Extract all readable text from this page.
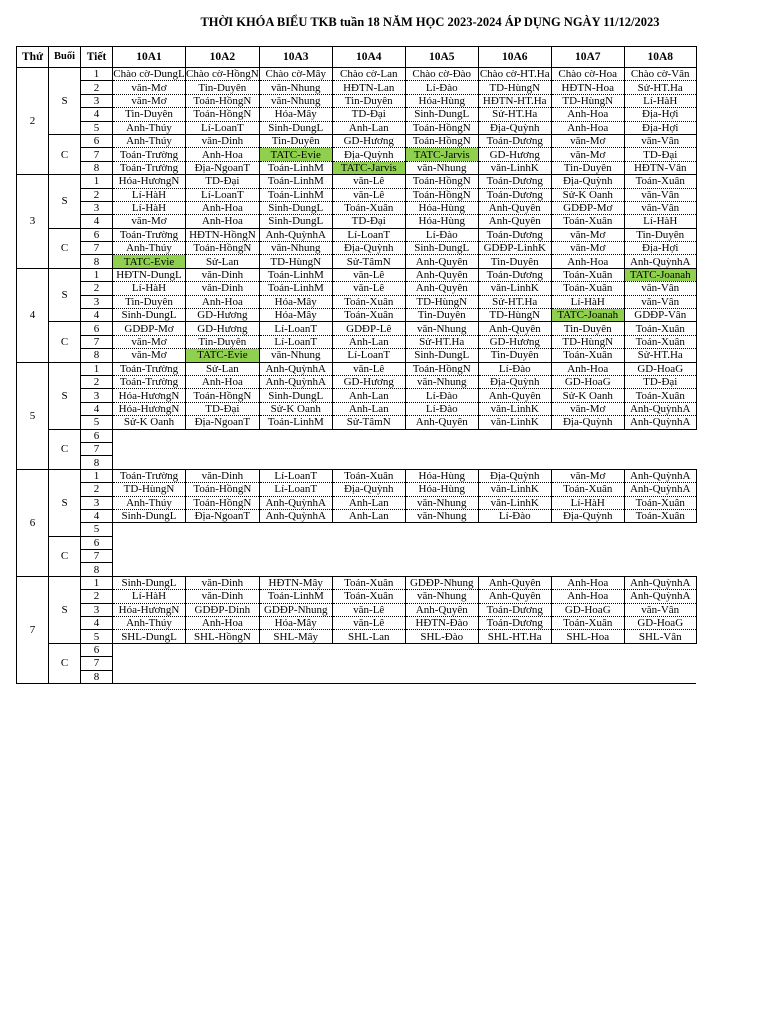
THỜI KHÓA BIỂU TKB tuần 18 NĂM HỌC 2023-2024 ÁP DỤNG NGÀY 11/12/2023
Thứ	Buổi	Tiết	10A1	10A2	10A3	10A4	10A5	10A6	10A7	10A8
2	S	1	Chào cờ-DungL	Chào cờ-HồngN	Chào cờ-Mây	Chào cờ-Lan	Chào cờ-Đào	Chào cờ-HT.Ha	Chào cờ-Hoa	Chào cờ-Vân
		2	văn-Mơ	Tin-Duyên	văn-Nhung	HĐTN-Lan	Lí-Đào	TD-HùngN	HĐTN-Hoa	Sử-HT.Ha
		3	văn-Mơ	Toán-HồngN	văn-Nhung	Tin-Duyên	Hóa-Hùng	HĐTN-HT.Ha	TD-HùngN	Lí-HàH
		4	Tin-Duyên	Toán-HồngN	Hóa-Mây	TD-Đại	Sinh-DungL	Sử-HT.Ha	Anh-Hoa	Địa-Hợi
		5	Anh-Thúy	Lí-LoanT	Sinh-DungL	Anh-Lan	Toán-HồngN	Địa-Quỳnh	Anh-Hoa	Địa-Hợi
	C	6	Anh-Thúy	văn-Dinh	Tin-Duyên	GD-Hương	Toán-HồngN	Toán-Dương	văn-Mơ	văn-Vân
		7	Toán-Trường	Anh-Hoa	TATC-Evie	Địa-Quỳnh	TATC-Jarvis	GD-Hương	văn-Mơ	TD-Đại
		8	Toán-Trường	Địa-NgoanT	Toán-LinhM	TATC-Jarvis	văn-Nhung	văn-LinhK	Tin-Duyên	HĐTN-Vân
3	S	1	Hóa-HươngN	TD-Đại	Toán-LinhM	văn-Lê	Toán-HồngN	Toán-Dương	Địa-Quỳnh	Toán-Xuân
		2	Lí-HàH	Lí-LoanT	Toán-LinhM	văn-Lê	Toán-HồngN	Toán-Dương	Sử-K Oanh	văn-Vân
		3	Lí-HàH	Anh-Hoa	Sinh-DungL	Toán-Xuân	Hóa-Hùng	Anh-Quyên	GDĐP-Mơ	văn-Vân
		4	văn-Mơ	Anh-Hoa	Sinh-DungL	TD-Đại	Hóa-Hùng	Anh-Quyên	Toán-Xuân	Lí-HàH
	C	6	Toán-Trường	HĐTN-HồngN	Anh-QuỳnhA	Lí-LoanT	Lí-Đào	Toán-Dương	văn-Mơ	Tin-Duyên
		7	Anh-Thúy	Toán-HồngN	văn-Nhung	Địa-Quỳnh	Sinh-DungL	GDĐP-LinhK	văn-Mơ	Địa-Hợi
		8	TATC-Evie	Sử-Lan	TD-HùngN	Sử-TâmN	Anh-Quyên	Tin-Duyên	Anh-Hoa	Anh-QuỳnhA
4	S	1	HĐTN-DungL	văn-Dinh	Toán-LinhM	văn-Lê	Anh-Quyên	Toán-Dương	Toán-Xuân	TATC-Joanah
		2	Lí-HàH	văn-Dinh	Toán-LinhM	văn-Lê	Anh-Quyên	văn-LinhK	Toán-Xuân	văn-Vân
		3	Tin-Duyên	Anh-Hoa	Hóa-Mây	Toán-Xuân	TD-HùngN	Sử-HT.Ha	Lí-HàH	văn-Vân
		4	Sinh-DungL	GD-Hương	Hóa-Mây	Toán-Xuân	Tin-Duyên	TD-HùngN	TATC-Joanah	GDĐP-Vân
	C	6	GDĐP-Mơ	GD-Hương	Lí-LoanT	GDĐP-Lê	văn-Nhung	Anh-Quyên	Tin-Duyên	Toán-Xuân
		7	văn-Mơ	Tin-Duyên	Lí-LoanT	Anh-Lan	Sử-HT.Ha	GD-Hương	TD-HùngN	Toán-Xuân
		8	văn-Mơ	TATC-Evie	văn-Nhung	Lí-LoanT	Sinh-DungL	Tin-Duyên	Toán-Xuân	Sử-HT.Ha
5	S	1	Toán-Trường	Sử-Lan	Anh-QuỳnhA	văn-Lê	Toán-HồngN	Lí-Đào	Anh-Hoa	GD-HoaG
		2	Toán-Trường	Anh-Hoa	Anh-QuỳnhA	GD-Hương	văn-Nhung	Địa-Quỳnh	GD-HoaG	TD-Đại
		3	Hóa-HươngN	Toán-HồngN	Sinh-DungL	Anh-Lan	Lí-Đào	Anh-Quyên	Sử-K Oanh	Toán-Xuân
		4	Hóa-HươngN	TD-Đại	Sử-K Oanh	Anh-Lan	Lí-Đào	văn-LinhK	văn-Mơ	Anh-QuỳnhA
		5	Sử-K Oanh	Địa-NgoanT	Toán-LinhM	Sử-TâmN	Anh-Quyên	văn-LinhK	Địa-Quỳnh	Anh-QuỳnhA
	C	6								
		7								
		8								
6	S	1	Toán-Trường	văn-Dinh	Lí-LoanT	Toán-Xuân	Hóa-Hùng	Địa-Quỳnh	văn-Mơ	Anh-QuỳnhA
		2	TD-HùngN	Toán-HồngN	Lí-LoanT	Địa-Quỳnh	Hóa-Hùng	văn-LinhK	Toán-Xuân	Anh-QuỳnhA
		3	Anh-Thúy	Toán-HồngN	Anh-QuỳnhA	Anh-Lan	văn-Nhung	văn-LinhK	Lí-HàH	Toán-Xuân
		4	Sinh-DungL	Địa-NgoanT	Anh-QuỳnhA	Anh-Lan	văn-Nhung	Lí-Đào	Địa-Quỳnh	Toán-Xuân
		5								
	C	6								
		7								
		8								
7	S	1	Sinh-DungL	văn-Dinh	HĐTN-Mây	Toán-Xuân	GDĐP-Nhung	Anh-Quyên	Anh-Hoa	Anh-QuỳnhA
		2	Lí-HàH	văn-Dinh	Toán-LinhM	Toán-Xuân	văn-Nhung	Anh-Quyên	Anh-Hoa	Anh-QuỳnhA
		3	Hóa-HươngN	GDĐP-Dinh	GDĐP-Nhung	văn-Lê	Anh-Quyên	Toán-Dương	GD-HoaG	văn-Vân
		4	Anh-Thúy	Anh-Hoa	Hóa-Mây	văn-Lê	HĐTN-Đào	Toán-Dương	Toán-Xuân	GD-HoaG
		5	SHL-DungL	SHL-HồngN	SHL-Mây	SHL-Lan	SHL-Đào	SHL-HT.Ha	SHL-Hoa	SHL-Vân
	C	6								
		7								
		8								
